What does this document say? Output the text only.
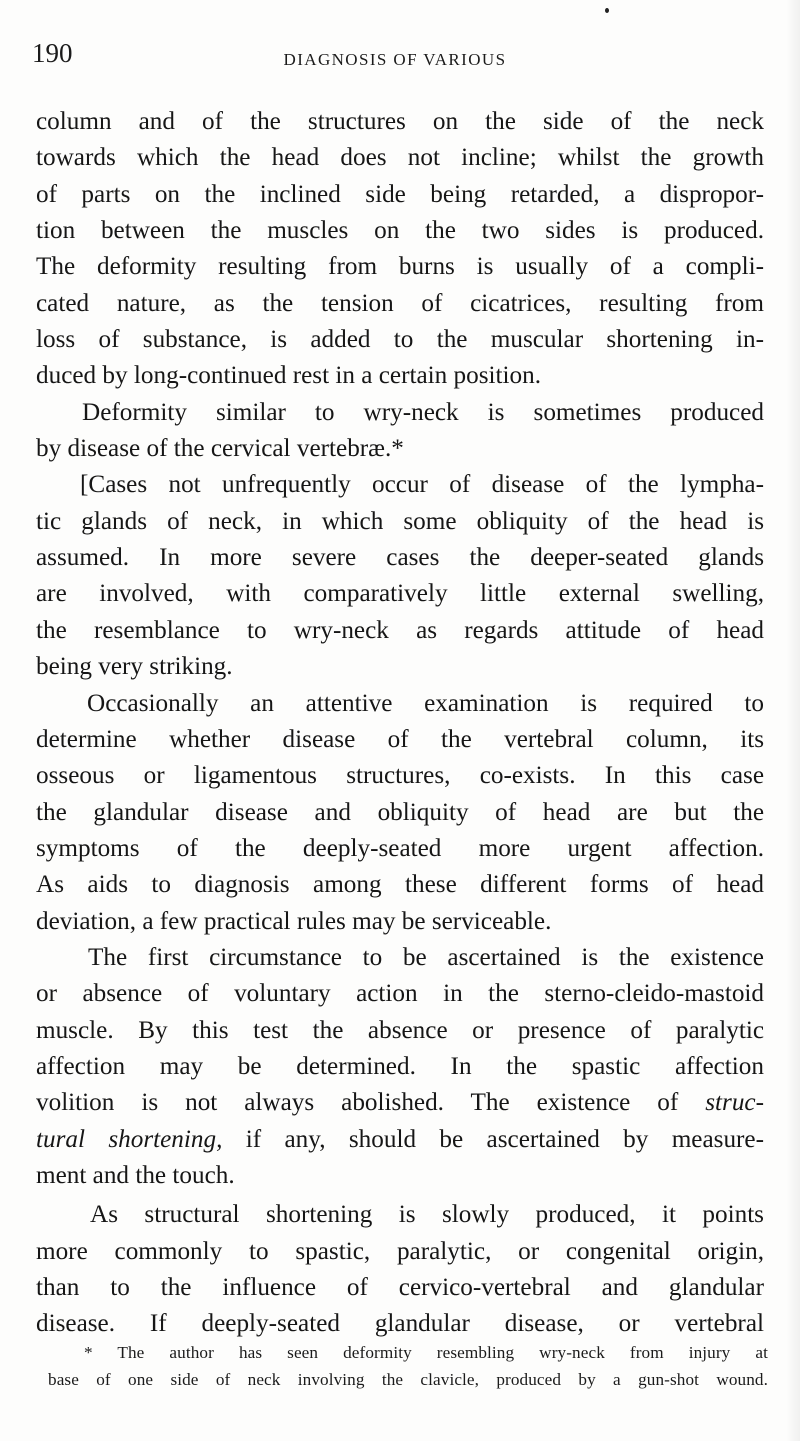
190	DIAGNOSIS OF VARIOUS
column and of the structures on the side of the neck
towards which the head does not incline; whilst the growth
of parts on the inclined side being retarded, a dispropor-
tion between the muscles on the two sides is produced.
The deformity resulting from burns is usually of a compli-
cated nature, as the tension of cicatrices, resulting from
loss of substance, is added to the muscular shortening in-
duced by long-continued rest in a certain position.
Deformity similar to wry-neck is sometimes produced
by disease of the cervical vertebræ.*
[Cases not unfrequently occur of disease of the lympha-
tic glands of neck, in which some obliquity of the head is
assumed. In more severe cases the deeper-seated glands
are involved, with comparatively little external swelling,
the resemblance to wry-neck as regards attitude of head
being very striking.
Occasionally an attentive examination is required to
determine whether disease of the vertebral column, its
osseous or ligamentous structures, co-exists. In this case
the glandular disease and obliquity of head are but the
symptoms of the deeply-seated more urgent affection.
As aids to diagnosis among these different forms of head
deviation, a few practical rules may be serviceable.
The first circumstance to be ascertained is the existence
or absence of voluntary action in the sterno-cleido-mastoid
muscle. By this test the absence or presence of paralytic
affection may be determined. In the spastic affection
volition is not always abolished. The existence of struc-
tural shortening, if any, should be ascertained by measure-
ment and the touch.
As structural shortening is slowly produced, it points
more commonly to spastic, paralytic, or congenital origin,
than to the influence of cervico-vertebral and glandular
disease. If deeply-seated glandular disease, or vertebral
* The author has seen deformity resembling wry-neck from injury at
base of one side of neck involving the clavicle, produced by a gun-shot wound.
